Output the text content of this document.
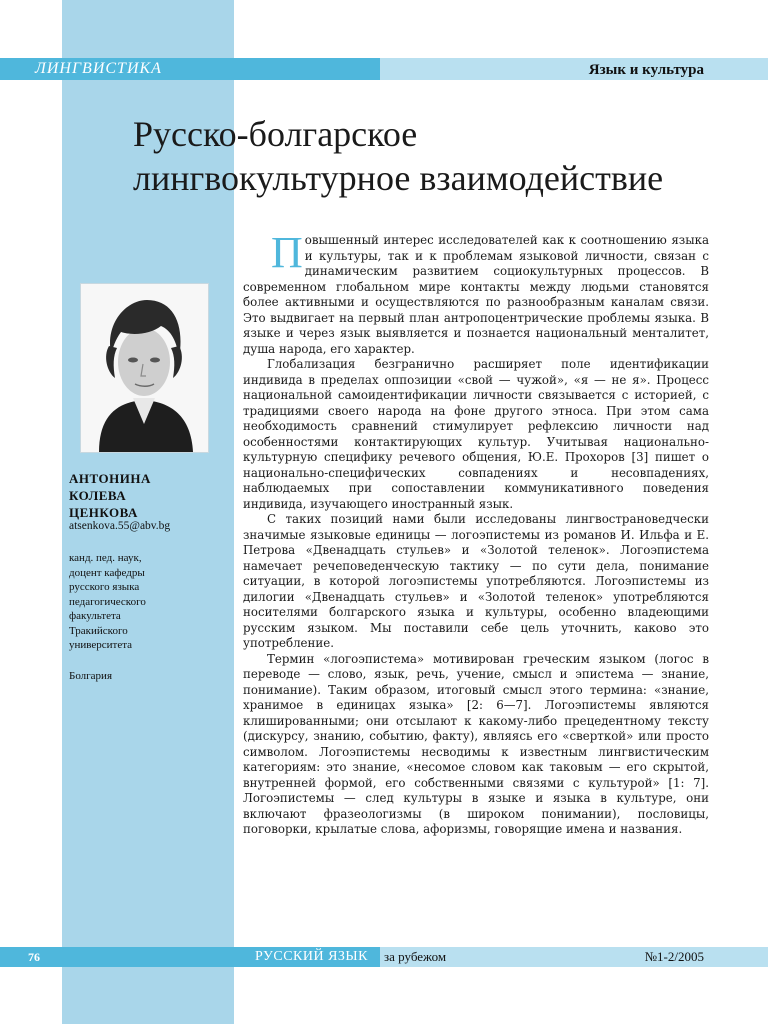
ЛИНГВИСТИКА	Язык и культура
Русско-болгарское
лингвокультурное взаимодействие
АНТОНИНА
КОЛЕВА
ЦЕНКОВА
atsenkova.55@abv.bg
канд. пед. наук,
доцент кафедры
русского языка
педагогического
факультета
Тракийского
университета
Болгария

Повышенный интерес исследователей как к соотношению языка и культуры, так и к проблемам языковой личности, связан с динамическим развитием социокультурных процессов. В современном глобальном мире контакты между людьми становятся более активными и осуществляются по разнообразным каналам связи. Это выдвигает на первый план антропоцентрические проблемы языка. В языке и через язык выявляется и познается национальный менталитет, душа народа, его характер.

Глобализация безгранично расширяет поле идентификации индивида в пределах оппозиции «свой — чужой», «я — не я». Процесс национальной самоидентификации личности связывается с историей, с традициями своего народа на фоне другого этноса. При этом сама необходимость сравнений стимулирует рефлексию личности над особенностями контактирующих культур. Учитывая национально-культурную специфику речевого общения, Ю.Е. Прохоров [3] пишет о национально-специфических совпадениях и несовпадениях, наблюдаемых при сопоставлении коммуникативного поведения индивида, изучающего иностранный язык.

С таких позиций нами были исследованы лингвострановедчески значимые языковые единицы — логоэпистемы из романов И. Ильфа и Е. Петрова «Двенадцать стульев» и «Золотой теленок». Логоэпистема намечает речеповеденческую тактику — по сути дела, понимание ситуации, в которой логоэпистемы употребляются. Логоэпистемы из дилогии «Двенадцать стульев» и «Золотой теленок» употребляются носителями болгарского языка и культуры, особенно владеющими русским языком. Мы поставили себе цель уточнить, каково это употребление.

Термин «логоэпистема» мотивирован греческим языком (логос в переводе — слово, язык, речь, учение, смысл и эпистема — знание, понимание). Таким образом, итоговый смысл этого термина: «знание, хранимое в единицах языка» [2: 6—7]. Логоэпистемы являются клишированными; они отсылают к какому-либо прецедентному тексту (дискурсу, знанию, событию, факту), являясь его «сверткой» или просто символом. Логоэпистемы несводимы к известным лингвистическим категориям: это знание, «несомое словом как таковым — его скрытой, внутренней формой, его собственными связями с культурой» [1: 7]. Логоэпистемы — след культуры в языке и языка в культуре, они включают фразеологизмы (в широком понимании), пословицы, поговорки, крылатые слова, афоризмы, говорящие имена и названия.

76	РУССКИЙ ЯЗЫК за рубежом	№1-2/2005
